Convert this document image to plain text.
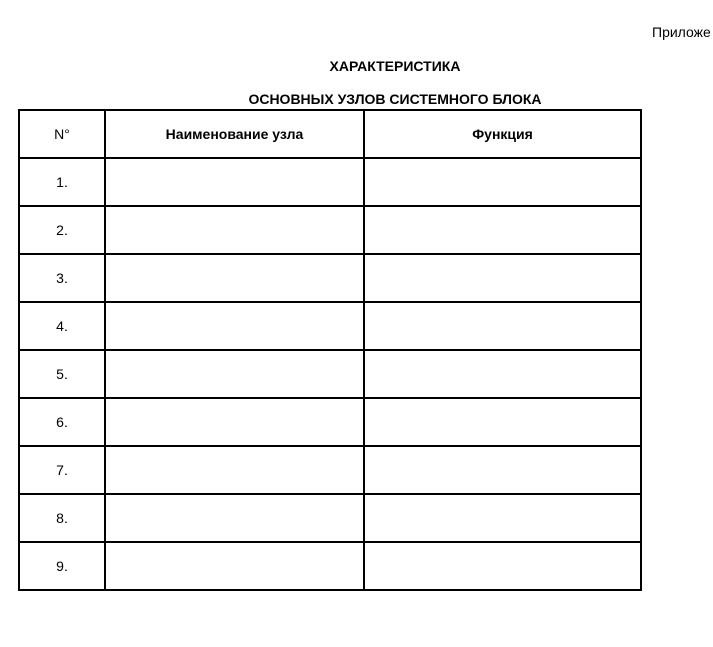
Приложе
ХАРАКТЕРИСТИКА
ОСНОВНЫХ УЗЛОВ СИСТЕМНОГО БЛОКА
N°	Наименование узла	Функция
1.		
2.		
3.		
4.		
5.		
6.		
7.		
8.		
9.		
